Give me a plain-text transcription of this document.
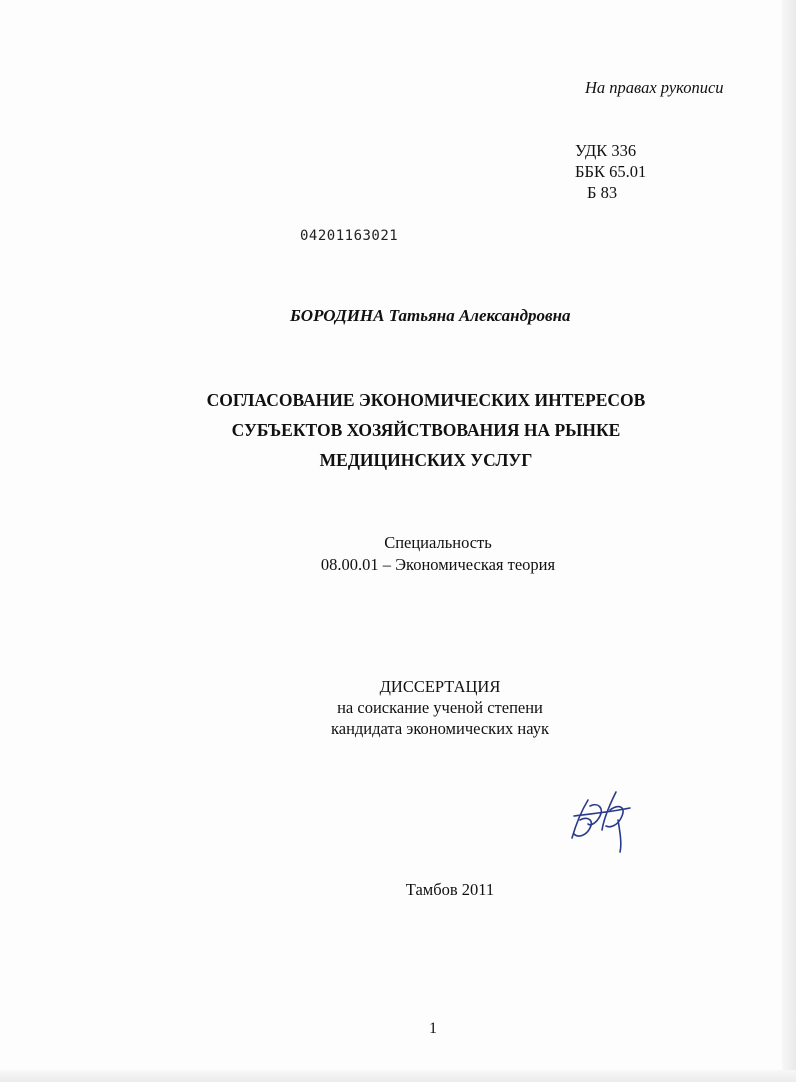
На правах рукописи
УДК 336
ББК 65.01
Б 83
04201163021
БОРОДИНА Татьяна Александровна
СОГЛАСОВАНИЕ ЭКОНОМИЧЕСКИХ ИНТЕРЕСОВ
СУБЪЕКТОВ ХОЗЯЙСТВОВАНИЯ НА РЫНКЕ
МЕДИЦИНСКИХ УСЛУГ
Специальность
08.00.01 – Экономическая теория
ДИССЕРТАЦИЯ
на соискание ученой степени
кандидата экономических наук
Тамбов 2011
1
